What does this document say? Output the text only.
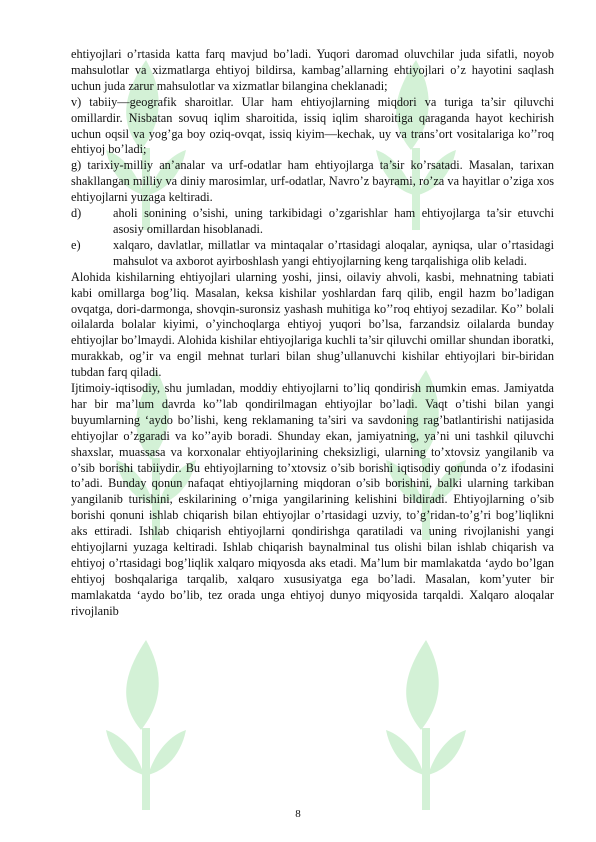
ehtiyojlari o’rtasida katta farq mavjud bo’ladi. Yuqori daromad oluvchilar juda sifatli, noyob mahsulotlar va xizmatlarga ehtiyoj bildirsa, kambag’allarning ehtiyojlari o’z hayotini saqlash uchun juda zarur mahsulotlar va xizmatlar bilangina cheklanadi;

v) tabiiy—geografik sharoitlar. Ular ham ehtiyojlarning miqdori va turiga ta’sir qiluvchi omillardir. Nisbatan sovuq iqlim sharoitida, issiq iqlim sharoitiga qaraganda hayot kechirish uchun oqsil va yog’ga boy oziq-ovqat, issiq kiyim—kechak, uy va trans’ort vositalariga ko’’roq ehtiyoj bo’ladi;

g) tarixiy-milliy an’analar va urf-odatlar ham ehtiyojlarga ta’sir ko’rsatadi. Masalan, tarixan shakllangan milliy va diniy marosimlar, urf-odatlar, Navro’z bayrami, ro’za va hayitlar o’ziga xos ehtiyojlarni yuzaga keltiradi.

d)	aholi sonining o’sishi, uning tarkibidagi o’zgarishlar ham ehtiyojlarga ta’sir etuvchi asosiy omillardan hisoblanadi.

e)	xalqaro, davlatlar, millatlar va mintaqalar o’rtasidagi aloqalar, ayniqsa, ular o’rtasidagi mahsulot va axborot ayirboshlash yangi ehtiyojlarning keng tarqalishiga olib keladi.

Alohida kishilarning ehtiyojlari ularning yoshi, jinsi, oilaviy ahvoli, kasbi, mehnatning tabiati kabi omillarga bog’liq. Masalan, keksa kishilar yoshlardan farq qilib, engil hazm bo’ladigan ovqatga, dori-darmonga, shovqin-suronsiz yashash muhitiga ko’’roq ehtiyoj sezadilar. Ko’’ bolali oilalarda bolalar kiyimi, o’yinchoqlarga ehtiyoj yuqori bo’lsa, farzandsiz oilalarda bunday ehtiyojlar bo’lmaydi. Alohida kishilar ehtiyojlariga kuchli ta’sir qiluvchi omillar shundan iboratki, murakkab, og’ir va engil mehnat turlari bilan shug’ullanuvchi kishilar ehtiyojlari bir-biridan tubdan farq qiladi.

Ijtimoiy-iqtisodiy, shu jumladan, moddiy ehtiyojlarni to’liq qondirish mumkin emas. Jamiyatda har bir ma’lum davrda ko’’lab qondirilmagan ehtiyojlar bo’ladi. Vaqt o’tishi bilan yangi buyumlarning ‘aydo bo’lishi, keng reklamaning ta’siri va savdoning rag’batlantirishi natijasida ehtiyojlar o’zgaradi va ko’’ayib boradi. Shunday ekan, jamiyatning, ya’ni uni tashkil qiluvchi shaxslar, muassasa va korxonalar ehtiyojlarining cheksizligi, ularning to’xtovsiz yangilanib va o’sib borishi tabiiydir. Bu ehtiyojlarning to’xtovsiz o’sib borishi iqtisodiy qonunda o’z ifodasini to’adi. Bunday qonun nafaqat ehtiyojlarning miqdoran o’sib borishini, balki ularning tarkiban yangilanib turishini, eskilarining o’rniga yangilarining kelishini bildiradi. Ehtiyojlarning o’sib borishi qonuni ishlab chiqarish bilan ehtiyojlar o’rtasidagi uzviy, to’g’ridan-to’g’ri bog’liqlikni aks ettiradi. Ishlab chiqarish ehtiyojlarni qondirishga qaratiladi va uning rivojlanishi yangi ehtiyojlarni yuzaga keltiradi. Ishlab chiqarish baynalminal tus olishi bilan ishlab chiqarish va ehtiyoj o’rtasidagi bog’liqlik xalqaro miqyosda aks etadi. Ma’lum bir mamlakatda ‘aydo bo’lgan ehtiyoj boshqalariga tarqalib, xalqaro xususiyatga ega bo’ladi. Masalan, kom’yuter bir mamlakatda ‘aydo bo’lib, tez orada unga ehtiyoj dunyo miqyosida tarqaldi. Xalqaro aloqalar rivojlanib

8
